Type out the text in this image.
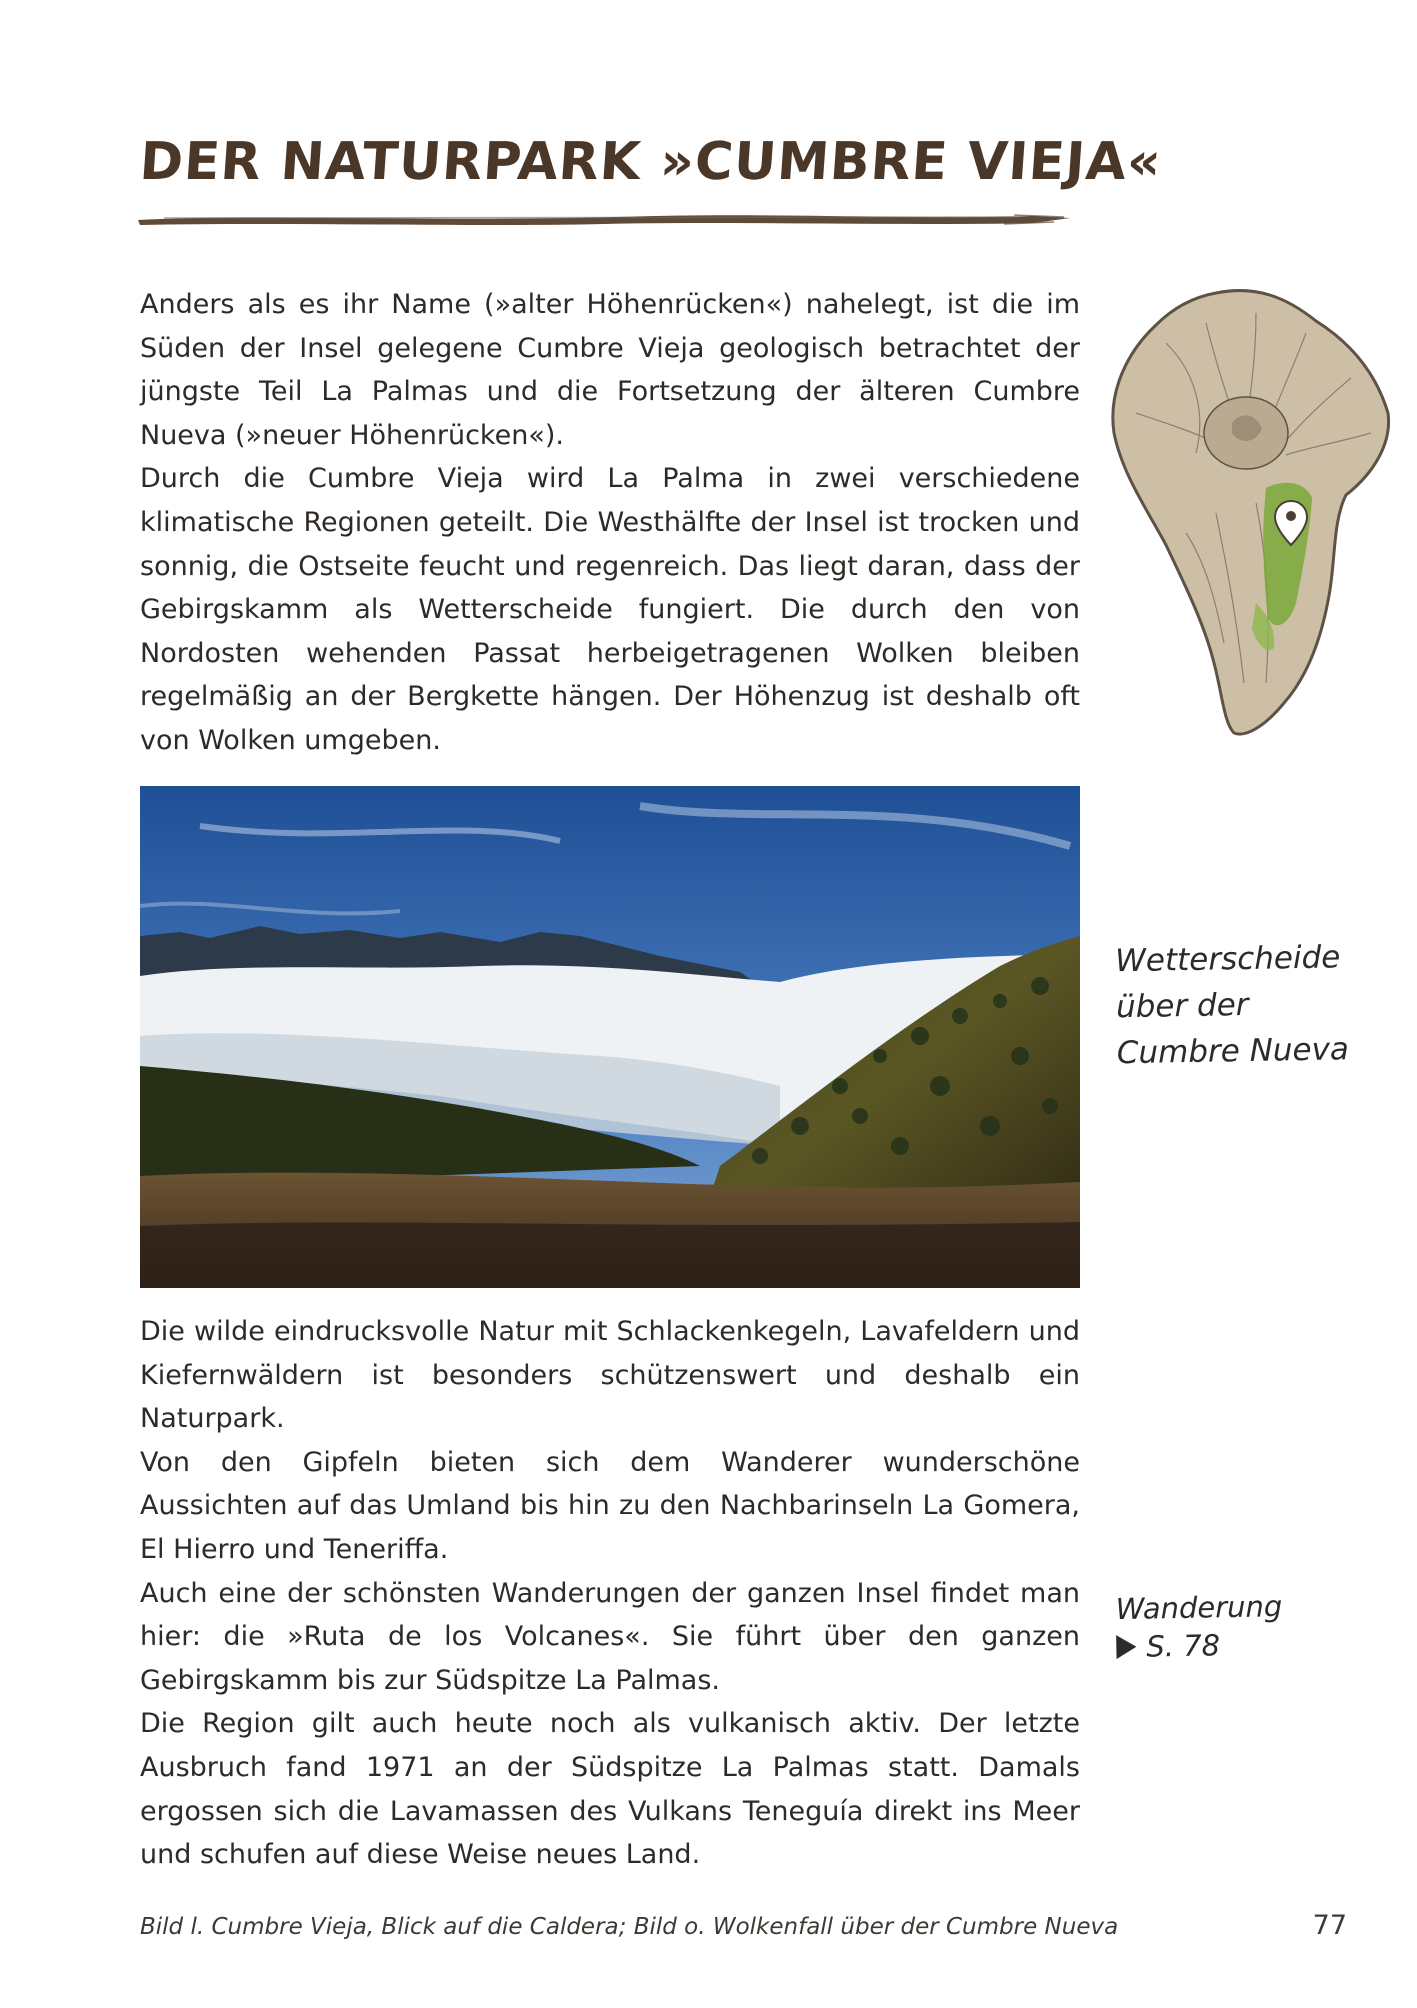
DER NATURPARK »CUMBRE VIEJA«

Anders als es ihr Name (»alter Höhenrücken«) nahelegt, ist die im Süden der Insel gelegene Cumbre Vieja geologisch betrachtet der jüngste Teil La Palmas und die Fortsetzung der älteren Cumbre Nueva (»neuer Höhenrücken«).

Durch die Cumbre Vieja wird La Palma in zwei verschiedene klimatische Regionen geteilt. Die Westhälfte der Insel ist trocken und sonnig, die Ostseite feucht und regenreich. Das liegt daran, dass der Gebirgskamm als Wetterscheide fungiert. Die durch den von Nordosten wehenden Passat herbeigetragenen Wolken bleiben regelmäßig an der Bergkette hängen. Der Höhenzug ist deshalb oft von Wolken umgeben.

Wetterscheide
über der
Cumbre Nueva

Die wilde eindrucksvolle Natur mit Schlackenkegeln, Lavafeldern und Kiefernwäldern ist besonders schützenswert und deshalb ein Naturpark.

Von den Gipfeln bieten sich dem Wanderer wunderschöne Aussichten auf das Umland bis hin zu den Nachbarinseln La Gomera, El Hierro und Teneriffa.

Auch eine der schönsten Wanderungen der ganzen Insel findet man hier: die »Ruta de los Volcanes«. Sie führt über den ganzen Gebirgskamm bis zur Südspitze La Palmas.

Die Region gilt auch heute noch als vulkanisch aktiv. Der letzte Ausbruch fand 1971 an der Südspitze La Palmas statt. Damals ergossen sich die Lavamassen des Vulkans Teneguía direkt ins Meer und schufen auf diese Weise neues Land.

Wanderung
S. 78
Bild l. Cumbre Vieja, Blick auf die Caldera; Bild o. Wolkenfall über der Cumbre Nueva	77
